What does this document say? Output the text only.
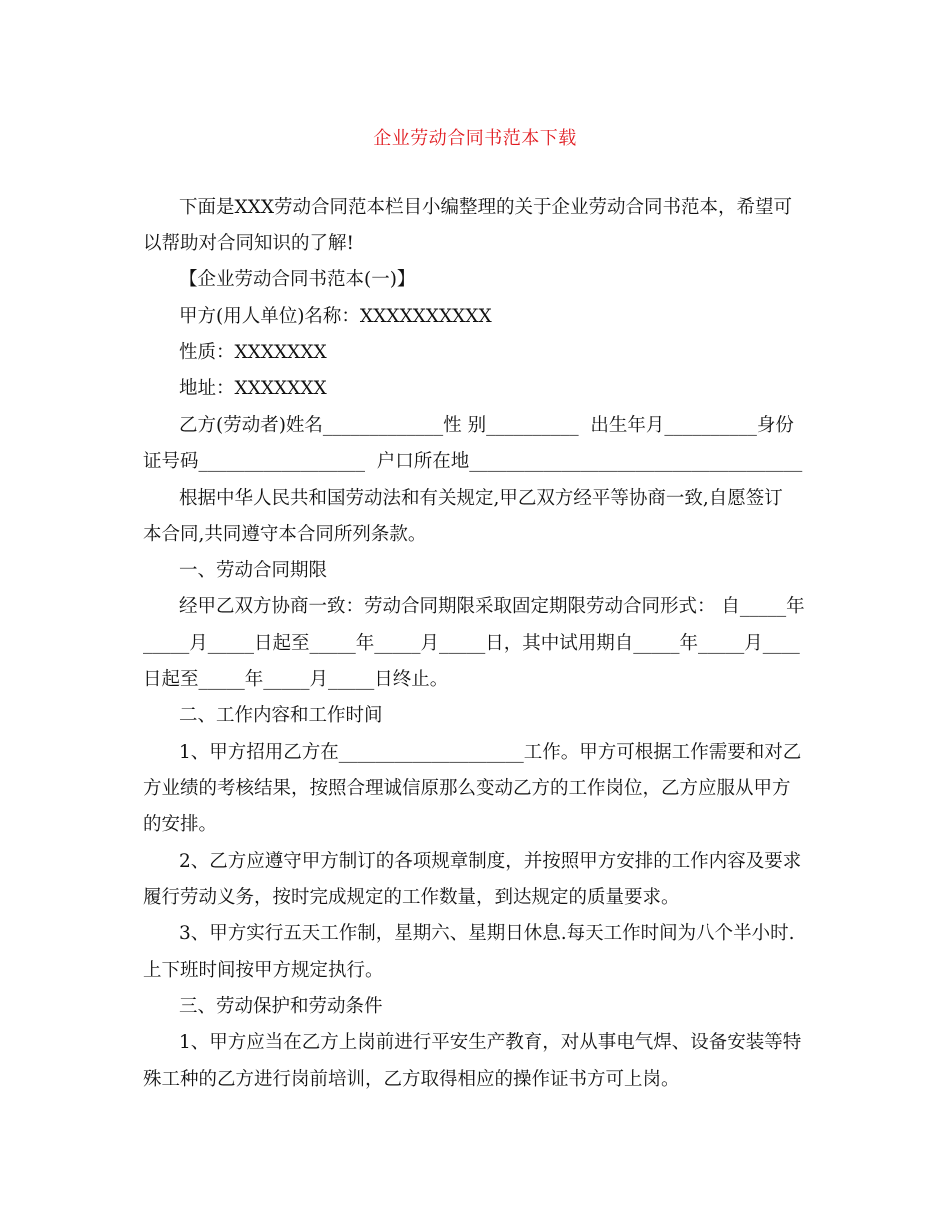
企业劳动合同书范本下载
下面是XXX劳动合同范本栏目小编整理的关于企业劳动合同书范本，希望可
以帮助对合同知识的了解!
【企业劳动合同书范本(一)】
甲方(用人单位)名称：XXXXXXXXXX
性质：XXXXXXX
地址：XXXXXXX
乙方(劳动者)姓名_____________性 别__________  出生年月__________身份
证号码__________________  户口所在地____________________________________
根据中华人民共和国劳动法和有关规定,甲乙双方经平等协商一致,自愿签订
本合同,共同遵守本合同所列条款。
一、劳动合同期限
经甲乙双方协商一致：劳动合同期限采取固定期限劳动合同形式： 自_____年
_____月_____日起至_____年_____月_____日，其中试用期自_____年_____月____
日起至_____年_____月_____日终止。
二、工作内容和工作时间
1、甲方招用乙方在____________________工作。甲方可根据工作需要和对乙
方业绩的考核结果，按照合理诚信原那么变动乙方的工作岗位，乙方应服从甲方
的安排。
2、乙方应遵守甲方制订的各项规章制度，并按照甲方安排的工作内容及要求
履行劳动义务，按时完成规定的工作数量，到达规定的质量要求。
3、甲方实行五天工作制，星期六、星期日休息.每天工作时间为八个半小时.
上下班时间按甲方规定执行。
三、劳动保护和劳动条件
1、甲方应当在乙方上岗前进行平安生产教育，对从事电气焊、设备安装等特
殊工种的乙方进行岗前培训，乙方取得相应的操作证书方可上岗。
